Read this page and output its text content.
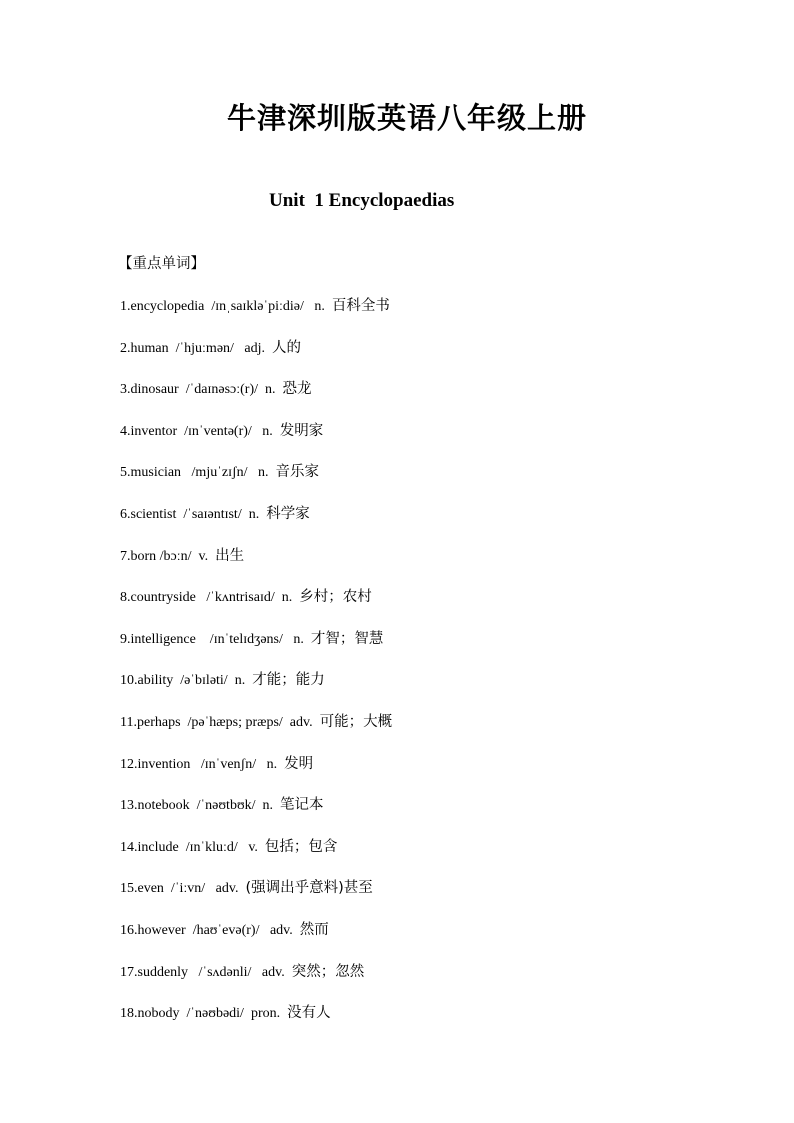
牛津深圳版英语八年级上册
Unit  1 Encyclopaedias

【重点单词】

1.encyclopedia  /ɪnˌsaɪkləˈpiːdiə/   n.  百科全书
2.human  /ˈhjuːmən/   adj.  人的
3.dinosaur  /ˈdaɪnəsɔː(r)/  n.  恐龙
4.inventor  /ɪnˈventə(r)/   n.  发明家
5.musician   /mjuˈzɪʃn/   n.  音乐家
6.scientist  /ˈsaɪəntɪst/  n.  科学家
7.born /bɔːn/  v.  出生
8.countryside   /ˈkʌntrisaɪd/  n.  乡村；农村
9.intelligence    /ɪnˈtelɪdʒəns/   n.  才智；智慧
10.ability  /əˈbɪləti/  n.  才能；能力
11.perhaps  /pəˈhæps; præps/  adv.  可能；大概
12.invention   /ɪnˈvenʃn/   n.  发明
13.notebook  /ˈnəʊtbʊk/  n.  笔记本
14.include  /ɪnˈkluːd/   v.  包括；包含
15.even  /ˈiːvn/   adv.  (强调出乎意料)甚至
16.however  /haʊˈevə(r)/   adv.  然而
17.suddenly   /ˈsʌdənli/   adv.  突然；忽然
18.nobody  /ˈnəʊbədi/  pron.  没有人
